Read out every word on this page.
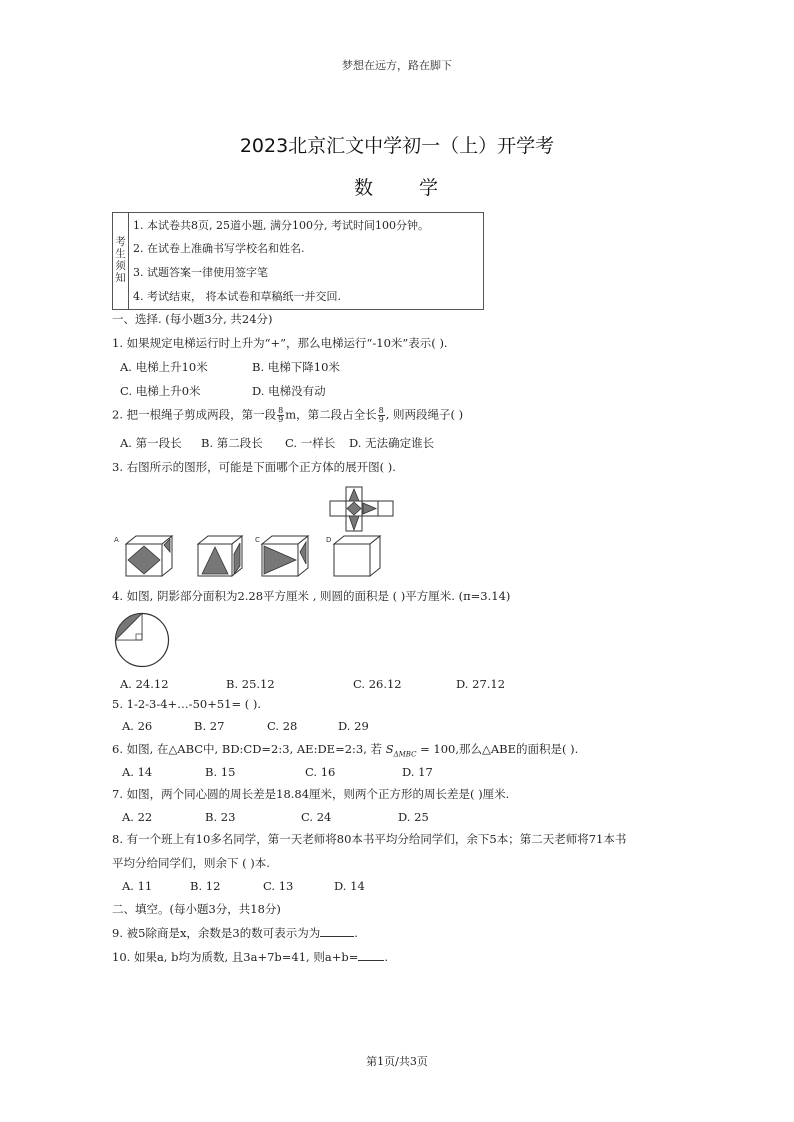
梦想在远方，路在脚下
2023北京汇文中学初一（上）开学考
数 学
考
生
须
知
1. 本试卷共8页, 25道小题, 满分100分, 考试时间100分钟。
2. 在试卷上准确书写学校名和姓名.
3. 试题答案一律使用签字笔
4. 考试结束， 将本试卷和草稿纸一并交回.
一、选择. (每小题3分, 共24分)
1. 如果规定电梯运行时上升为“+”，那么电梯运行“-10米”表示( ).
A. 电梯上升10米	B. 电梯下降10米
C. 电梯上升0米	D. 电梯没有动
2. 把一根绳子剪成两段，第一段 $\frac{8}{9}$ m，第二段占全长 $\frac{8}{9}$ , 则两段绳子( )
A. 第一段长 B. 第二段长 C. 一样长 D. 无法确定谁长
3. 右图所示的图形，可能是下面哪个正方体的展开图( ).
A	C	D
4. 如图, 阴影部分面积为2.28平方厘米 , 则圆的面积是 ( )平方厘米. (π=3.14)
A. 24.12	B. 25.12	C. 26.12	D. 27.12
5. 1-2-3-4+…-50+51= ( ).
A. 26	B. 27	C. 28	D. 29
6. 如图, 在△ABC中, BD:CD=2:3, AE:DE=2:3, 若 $S_{\Delta MBC} = 100$,那么△ABE的面积是( ).
A. 14	B. 15	C. 16	D. 17
7. 如图，两个同心圆的周长差是18.84厘米，则两个正方形的周长差是( )厘米.
A. 22	B. 23	C. 24	D. 25
8. 有一个班上有10多名同学，第一天老师将80本书平均分给同学们，余下5本；第二天老师将71本书
平均分给同学们，则余下 ( )本.
A. 11	B. 12	C. 13	D. 14
二、填空。(每小题3分，共18分)
9. 被5除商是x，余数是3的数可表示为为	.
10. 如果a, b均为质数, 且3a+7b=41, 则a+b= .
第1页/共3页
